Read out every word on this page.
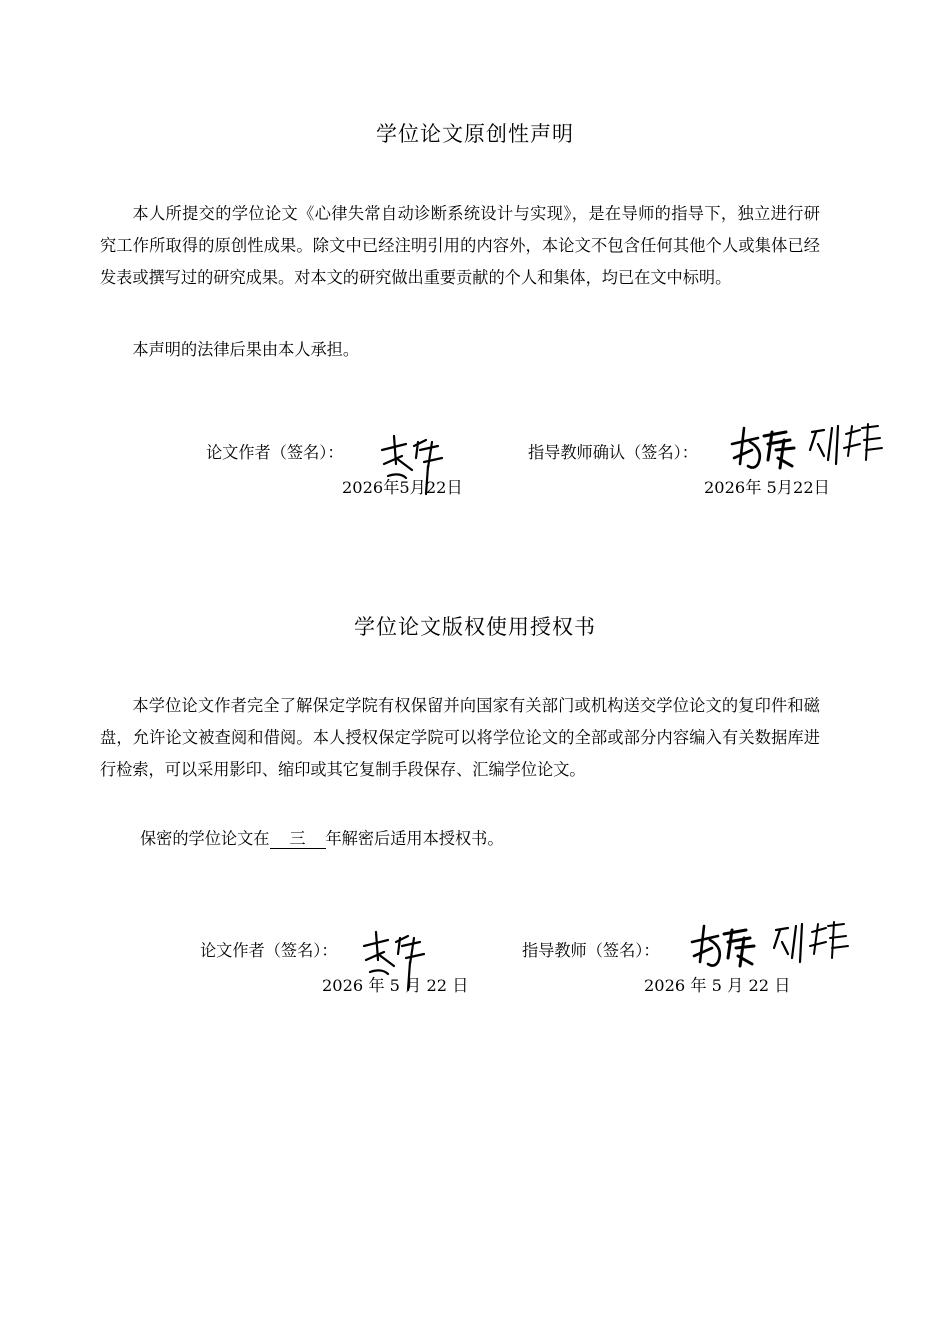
学位论文原创性声明
本人所提交的学位论文《心律失常自动诊断系统设计与实现》，是在导师的指导下，独立进行研究工作所取得的原创性成果。除文中已经注明引用的内容外，本论文不包含任何其他个人或集体已经发表或撰写过的研究成果。对本文的研究做出重要贡献的个人和集体，均已在文中标明。
本声明的法律后果由本人承担。
论文作者（签名）：
2026年5月22日
指导教师确认（签名）：
2026年 5月22日
学位论文版权使用授权书
本学位论文作者完全了解保定学院有权保留并向国家有关部门或机构送交学位论文的复印件和磁盘，允许论文被查阅和借阅。本人授权保定学院可以将学位论文的全部或部分内容编入有关数据库进行检索，可以采用影印、缩印或其它复制手段保存、汇编学位论文。
保密的学位论文在 三 年解密后适用本授权书。
论文作者（签名）：
2026 年 5 月 22 日
指导教师（签名）：
2026 年 5 月 22 日
